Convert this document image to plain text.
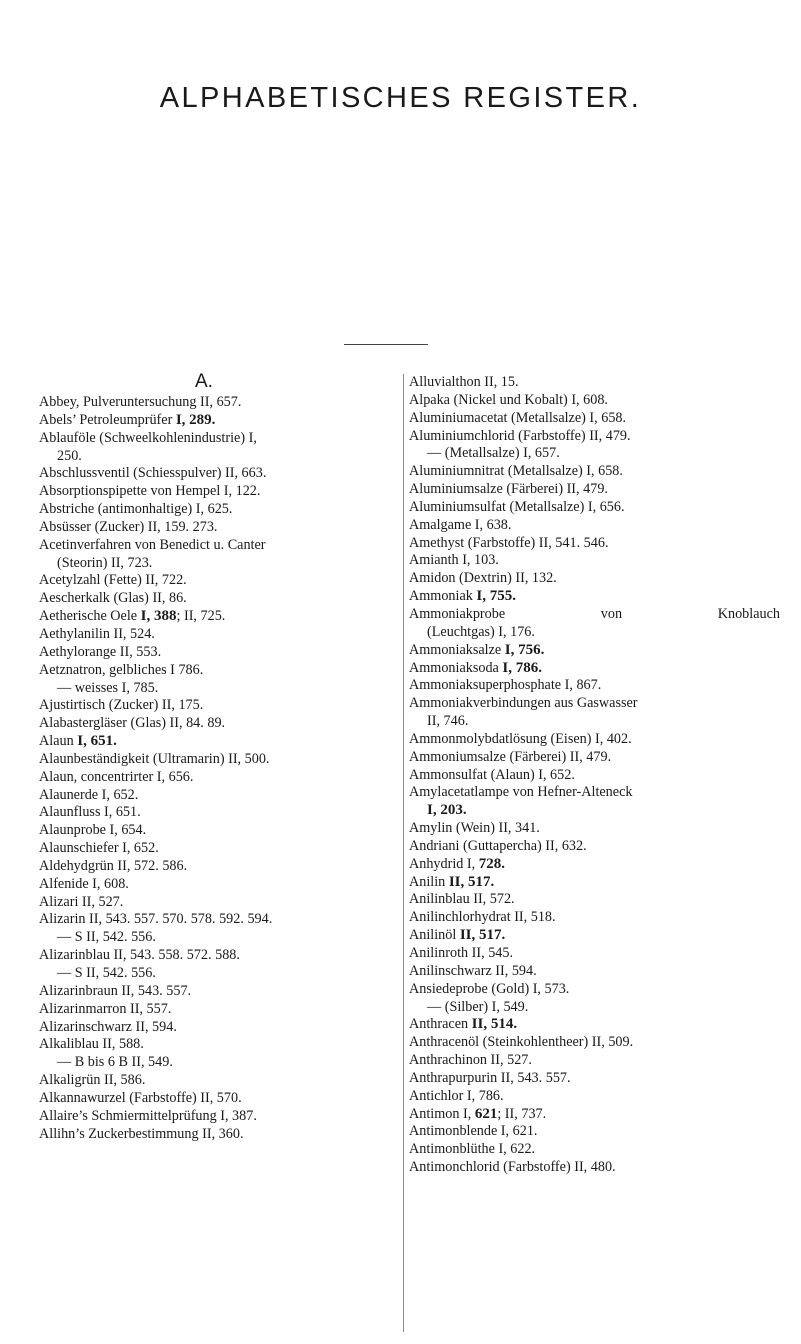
ALPHABETISCHES REGISTER.
A.
Abbey, Pulveruntersuchung II, 657.
Abels’ Petroleumprüfer I, 289.
Ablauföle (Schweelkohlenindustrie) I,
250.
Abschlussventil (Schiesspulver) II, 663.
Absorptionspipette von Hempel I, 122.
Abstriche (antimonhaltige) I, 625.
Absüsser (Zucker) II, 159. 273.
Acetinverfahren von Benedict u. Canter
(Steorin) II, 723.
Acetylzahl (Fette) II, 722.
Aescherkalk (Glas) II, 86.
Aetherische Oele I, 388; II, 725.
Aethylanilin II, 524.
Aethylorange II, 553.
Aetznatron, gelbliches I 786.
— weisses I, 785.
Ajustirtisch (Zucker) II, 175.
Alabastergläser (Glas) II, 84. 89.
Alaun I, 651.
Alaunbeständigkeit (Ultramarin) II, 500.
Alaun, concentrirter I, 656.
Alaunerde I, 652.
Alaunfluss I, 651.
Alaunprobe I, 654.
Alaunschiefer I, 652.
Aldehydgrün II, 572. 586.
Alfenide I, 608.
Alizari II, 527.
Alizarin II, 543. 557. 570. 578. 592. 594.
— S II, 542. 556.
Alizarinblau II, 543. 558. 572. 588.
— S II, 542. 556.
Alizarinbraun II, 543. 557.
Alizarinmarron II, 557.
Alizarinschwarz II, 594.
Alkaliblau II, 588.
— B bis 6 B II, 549.
Alkaligrün II, 586.
Alkannawurzel (Farbstoffe) II, 570.
Allaire’s Schmiermittelprüfung I, 387.
Allihn’s Zuckerbestimmung II, 360.
Alluvialthon II, 15.
Alpaka (Nickel und Kobalt) I, 608.
Aluminiumacetat (Metallsalze) I, 658.
Aluminiumchlorid (Farbstoffe) II, 479.
— (Metallsalze) I, 657.
Aluminiumnitrat (Metallsalze) I, 658.
Aluminiumsalze (Färberei) II, 479.
Aluminiumsulfat (Metallsalze) I, 656.
Amalgame I, 638.
Amethyst (Farbstoffe) II, 541. 546.
Amianth I, 103.
Amidon (Dextrin) II, 132.
Ammoniak I, 755.
Ammoniakprobe	von	Knoblauch
(Leuchtgas) I, 176.
Ammoniaksalze I, 756.
Ammoniaksoda I, 786.
Ammoniaksuperphosphate I, 867.
Ammoniakverbindungen aus Gaswasser
II, 746.
Ammonmolybdatlösung (Eisen) I, 402.
Ammoniumsalze (Färberei) II, 479.
Ammonsulfat (Alaun) I, 652.
Amylacetatlampe von Hefner-Alteneck
I, 203.
Amylin (Wein) II, 341.
Andriani (Guttapercha) II, 632.
Anhydrid I, 728.
Anilin II, 517.
Anilinblau II, 572.
Anilinchlorhydrat II, 518.
Anilinöl II, 517.
Anilinroth II, 545.
Anilinschwarz II, 594.
Ansiedeprobe (Gold) I, 573.
— (Silber) I, 549.
Anthracen II, 514.
Anthracenöl (Steinkohlentheer) II, 509.
Anthrachinon II, 527.
Anthrapurpurin II, 543. 557.
Antichlor I, 786.
Antimon I, 621; II, 737.
Antimonblende I, 621.
Antimonblüthe I, 622.
Antimonchlorid (Farbstoffe) II, 480.
